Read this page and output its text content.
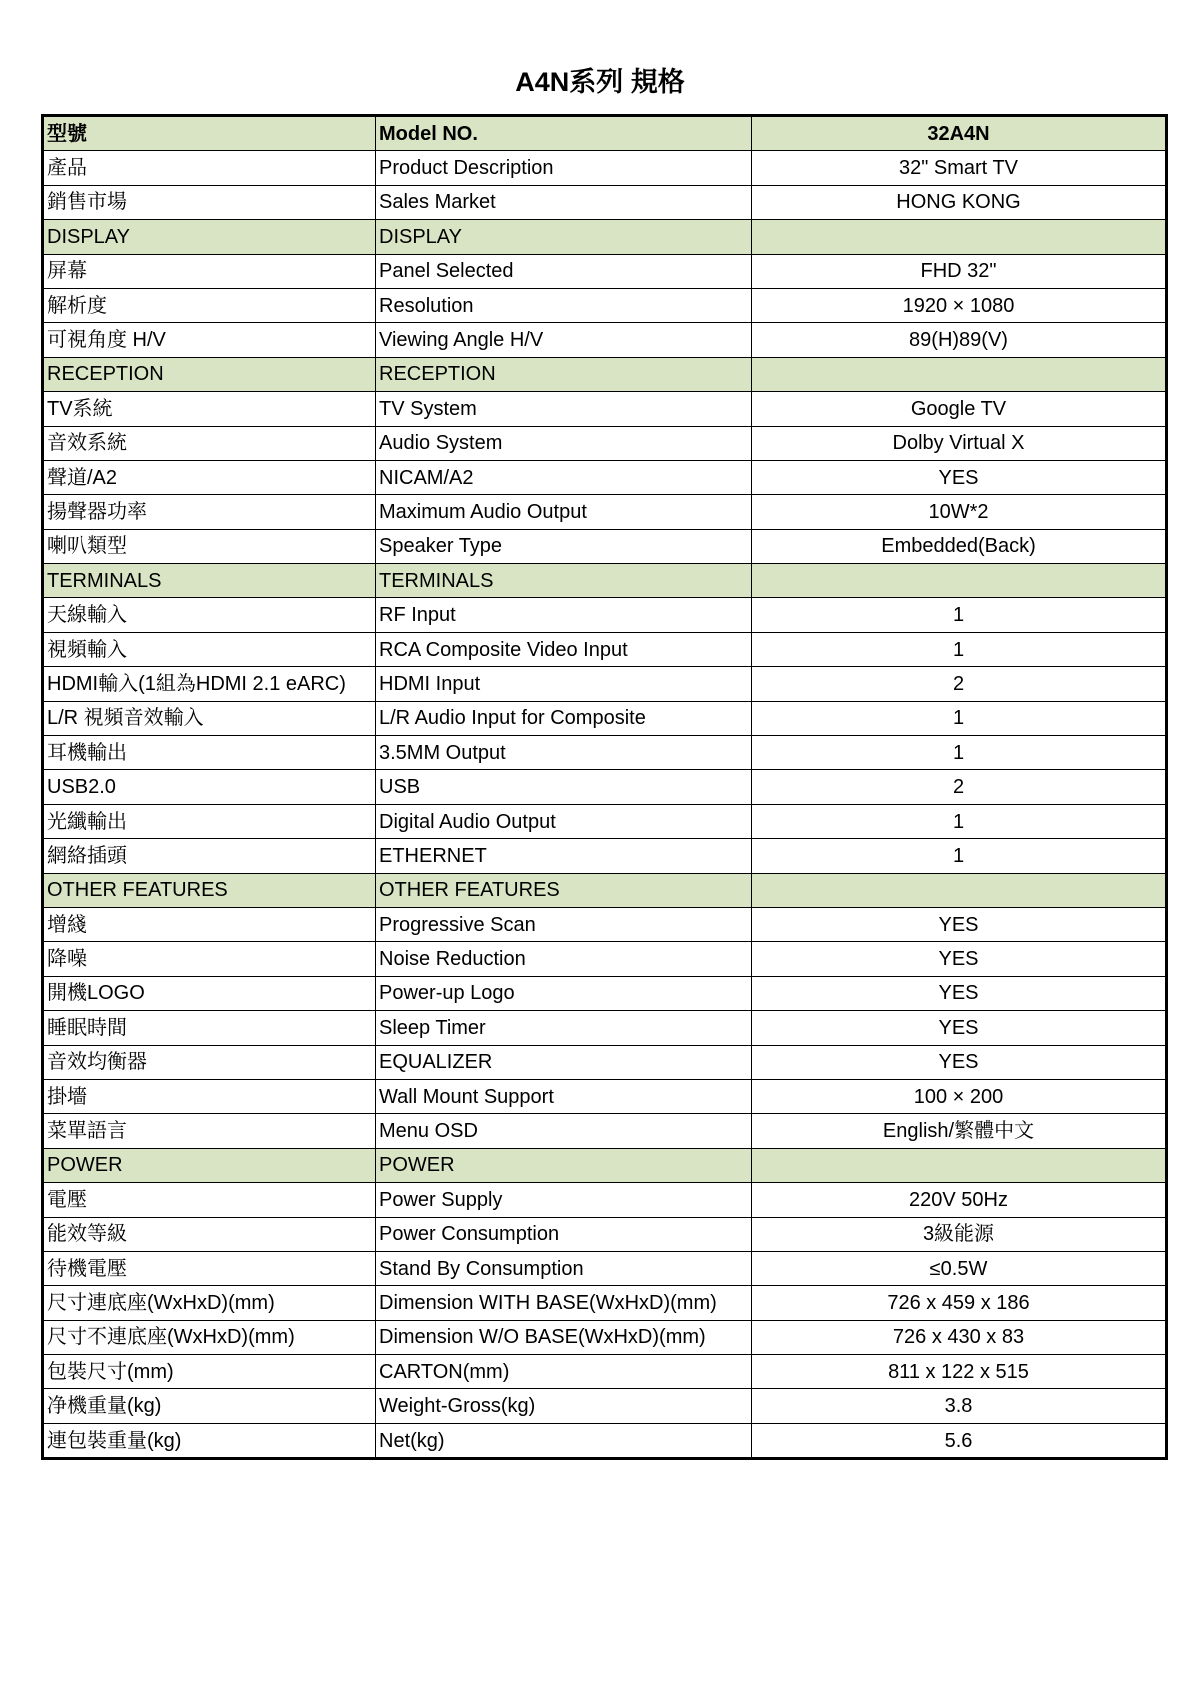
A4N系列 規格
型號	Model NO.	32A4N
產品	Product Description	32" Smart TV
銷售市場	Sales Market	HONG KONG
DISPLAY	DISPLAY	
屏幕	Panel Selected	FHD 32"
解析度	Resolution	1920 × 1080
可視角度 H/V	Viewing Angle H/V	89(H)89(V)
RECEPTION	RECEPTION	
TV系統	TV System	Google TV
音效系統	Audio System	Dolby Virtual X
聲道/A2	NICAM/A2	YES
揚聲器功率	Maximum Audio Output	10W*2
喇叭類型	Speaker Type	Embedded(Back)
TERMINALS	TERMINALS	
天線輸入	RF Input	1
視頻輸入	RCA Composite Video Input	1
HDMI輸入(1組為HDMI 2.1 eARC)	HDMI Input	2
L/R 視頻音效輸入	L/R Audio Input for Composite	1
耳機輸出	3.5MM Output	1
USB2.0	USB	2
光纖輸出	Digital Audio Output	1
網絡插頭	ETHERNET	1
OTHER FEATURES	OTHER FEATURES	
增綫	Progressive Scan	YES
降噪	Noise Reduction	YES
開機LOGO	Power-up Logo	YES
睡眠時間	Sleep Timer	YES
音效均衡器	EQUALIZER	YES
掛墻	Wall Mount Support	100 × 200
菜單語言	Menu OSD	English/繁體中文
POWER	POWER	
電壓	Power Supply	220V 50Hz
能效等級	Power Consumption	3級能源
待機電壓	Stand By Consumption	≤0.5W
尺寸連底座(WxHxD)(mm)	Dimension WITH BASE(WxHxD)(mm)	726 x 459 x 186
尺寸不連底座(WxHxD)(mm)	Dimension W/O BASE(WxHxD)(mm)	726 x 430 x 83
包裝尺寸(mm)	CARTON(mm)	811 x 122 x 515
净機重量(kg)	Weight-Gross(kg)	3.8
連包裝重量(kg)	Net(kg)	5.6
